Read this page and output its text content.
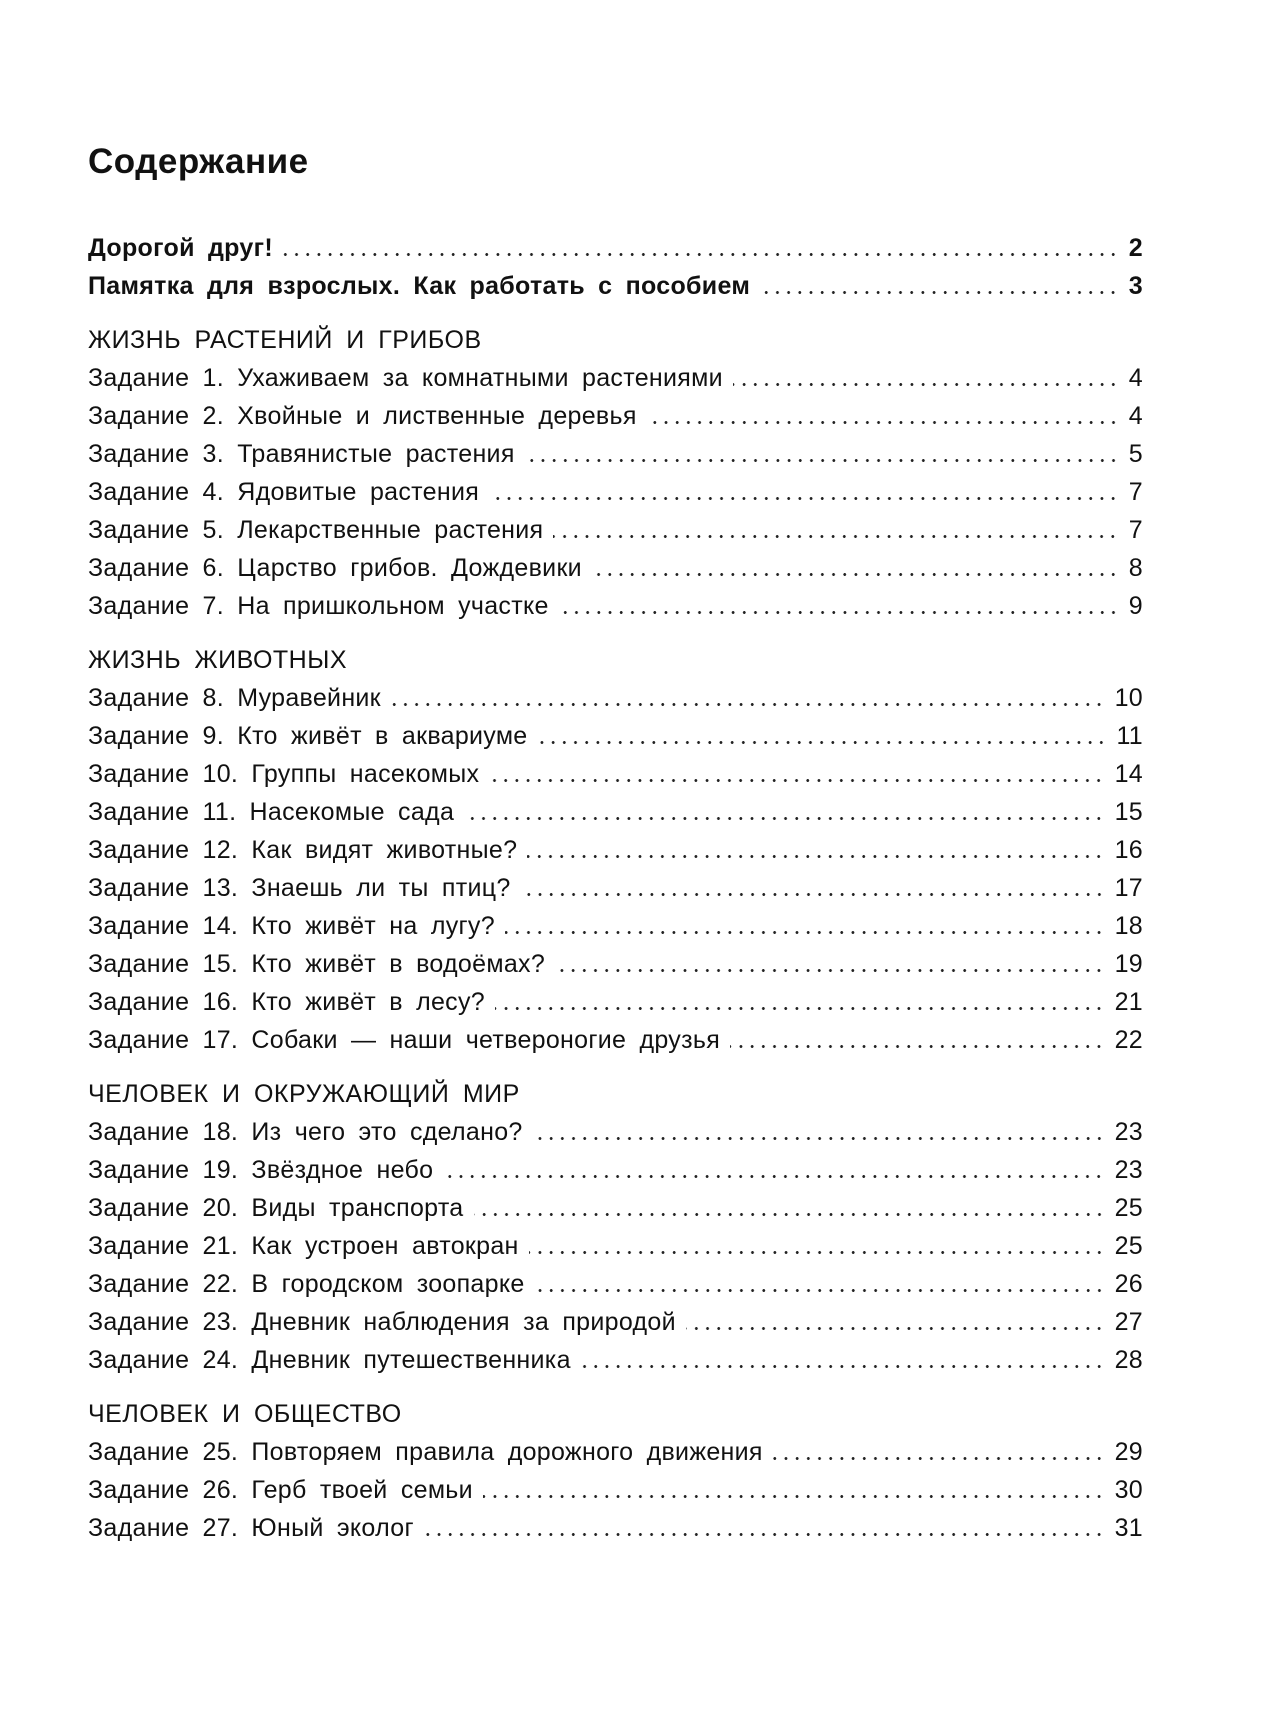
Содержание
Дорогой друг!	2
Памятка для взрослых. Как работать с пособием	3
ЖИЗНЬ РАСТЕНИЙ И ГРИБОВ
Задание 1. Ухаживаем за комнатными растениями	4
Задание 2. Хвойные и лиственные деревья	4
Задание 3. Травянистые растения	5
Задание 4. Ядовитые растения	7
Задание 5. Лекарственные растения	7
Задание 6. Царство грибов. Дождевики	8
Задание 7. На пришкольном участке	9
ЖИЗНЬ ЖИВОТНЫХ
Задание 8. Муравейник	10
Задание 9. Кто живёт в аквариуме	11
Задание 10. Группы насекомых	14
Задание 11. Насекомые сада	15
Задание 12. Как видят животные?	16
Задание 13. Знаешь ли ты птиц?	17
Задание 14. Кто живёт на лугу?	18
Задание 15. Кто живёт в водоёмах?	19
Задание 16. Кто живёт в лесу?	21
Задание 17. Собаки — наши четвероногие друзья	22
ЧЕЛОВЕК И ОКРУЖАЮЩИЙ МИР
Задание 18. Из чего это сделано?	23
Задание 19. Звёздное небо	23
Задание 20. Виды транспорта	25
Задание 21. Как устроен автокран	25
Задание 22. В городском зоопарке	26
Задание 23. Дневник наблюдения за природой	27
Задание 24. Дневник путешественника	28
ЧЕЛОВЕК И ОБЩЕСТВО
Задание 25. Повторяем правила дорожного движения	29
Задание 26. Герб твоей семьи	30
Задание 27. Юный эколог	31
